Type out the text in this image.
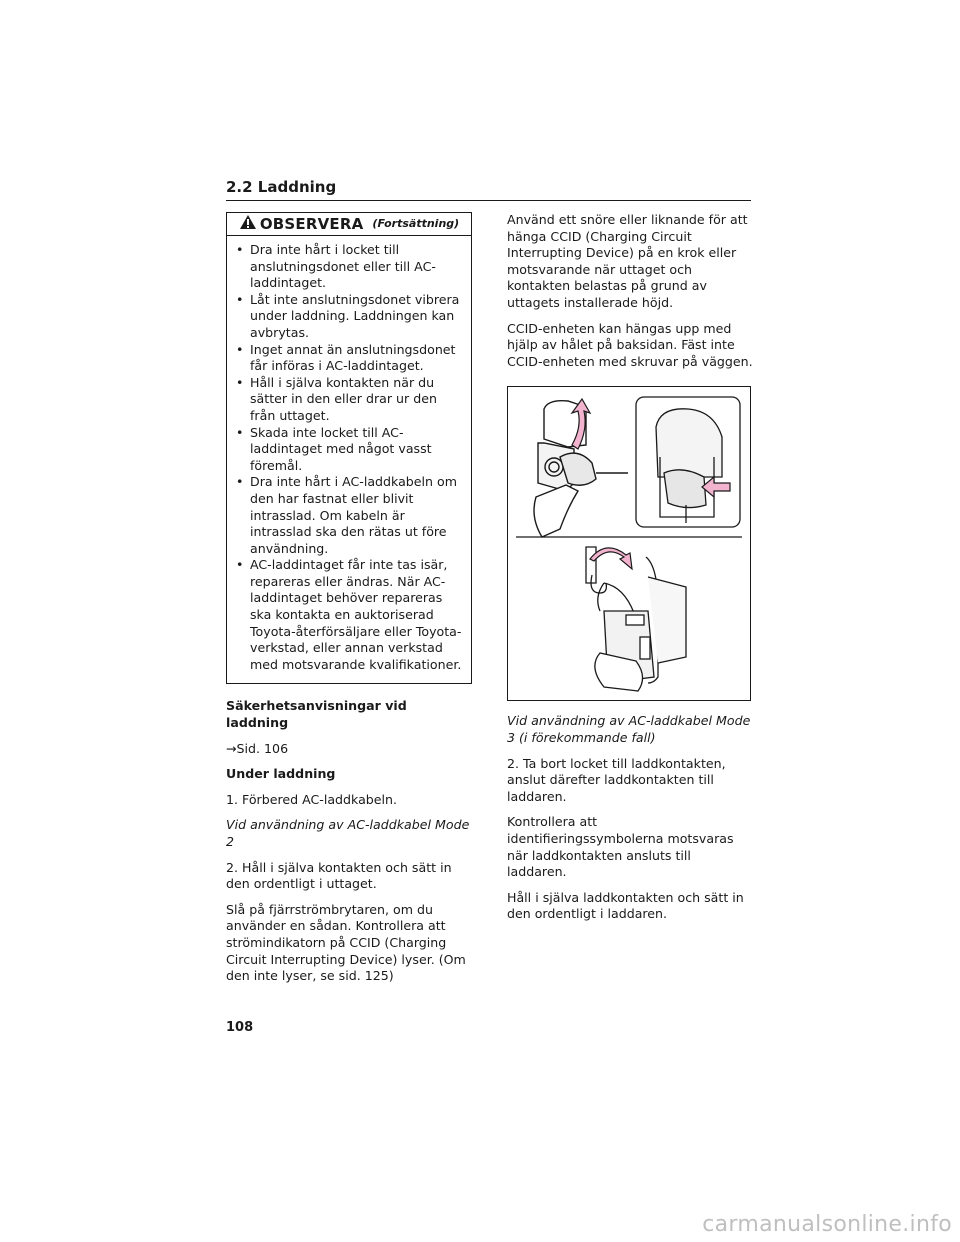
2.2 Laddning
OBSERVERA (Fortsättning)
• Dra inte hårt i locket till anslutningsdonet eller till AC-laddintaget.
• Låt inte anslutningsdonet vibrera under laddning. Laddningen kan avbrytas.
• Inget annat än anslutningsdonet får införas i AC-laddintaget.
• Håll i själva kontakten när du sätter in den eller drar ur den från uttaget.
• Skada inte locket till AC-laddintaget med något vasst föremål.
• Dra inte hårt i AC-laddkabeln om den har fastnat eller blivit intrasslad. Om kabeln är intrasslad ska den rätas ut före användning.
• AC-laddintaget får inte tas isär, repareras eller ändras. När AC-laddintaget behöver repareras ska kontakta en auktoriserad Toyota-återförsäljare eller Toyota-verkstad, eller annan verkstad med motsvarande kvalifikationer.

Säkerhetsanvisningar vid laddning

→Sid. 106

Under laddning

1. Förbered AC-laddkabeln.

Vid användning av AC-laddkabel Mode 2

2. Håll i själva kontakten och sätt in den ordentligt i uttaget.

Slå på fjärrströmbrytaren, om du använder en sådan. Kontrollera att strömindikatorn på CCID (Charging Circuit Interrupting Device) lyser. (Om den inte lyser, se sid. 125)

Använd ett snöre eller liknande för att hänga CCID (Charging Circuit Interrupting Device) på en krok eller motsvarande när uttaget och kontakten belastas på grund av uttagets installerade höjd.

CCID-enheten kan hängas upp med hjälp av hålet på baksidan. Fäst inte CCID-enheten med skruvar på väggen.

Vid användning av AC-laddkabel Mode 3 (i förekommande fall)

2. Ta bort locket till laddkontakten, anslut därefter laddkontakten till laddaren.

Kontrollera att identifieringssymbolerna motsvaras när laddkontakten ansluts till laddaren.

Håll i själva laddkontakten och sätt in den ordentligt i laddaren.

108
carmanualsonline.info
